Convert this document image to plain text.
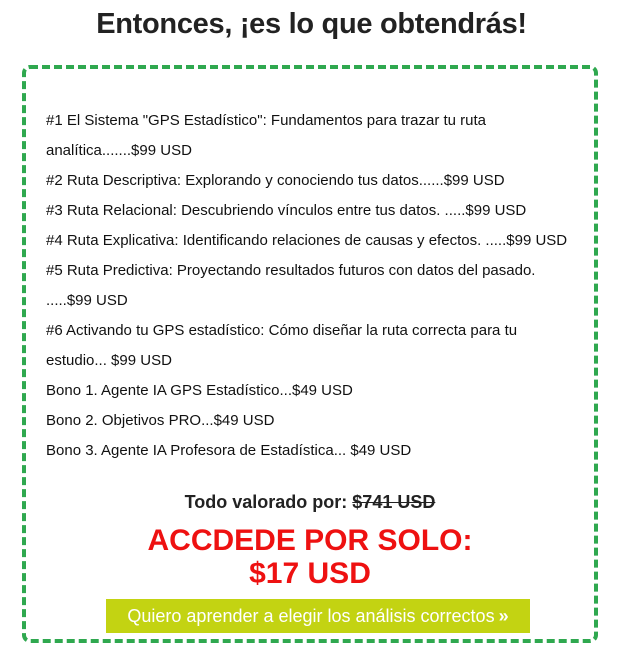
Entonces, ¡es lo que obtendrás!
#1 El Sistema "GPS Estadístico": Fundamentos para trazar tu ruta analítica.......$99 USD
#2 Ruta Descriptiva: Explorando y conociendo tus datos......$99 USD
#3 Ruta Relacional: Descubriendo vínculos entre tus datos. .....$99 USD
#4 Ruta Explicativa: Identificando relaciones de causas y efectos. .....$99 USD
#5 Ruta Predictiva: Proyectando resultados futuros con datos del pasado. .....$99 USD
#6 Activando tu GPS estadístico: Cómo diseñar la ruta correcta para tu estudio... $99 USD
Bono 1. Agente IA GPS Estadístico...$49 USD
Bono 2. Objetivos PRO...$49 USD
Bono 3. Agente IA Profesora de Estadística... $49 USD
Todo valorado por: $741 USD
ACCDEDE POR SOLO:
$17 USD
Quiero aprender a elegir los análisis correctos »
